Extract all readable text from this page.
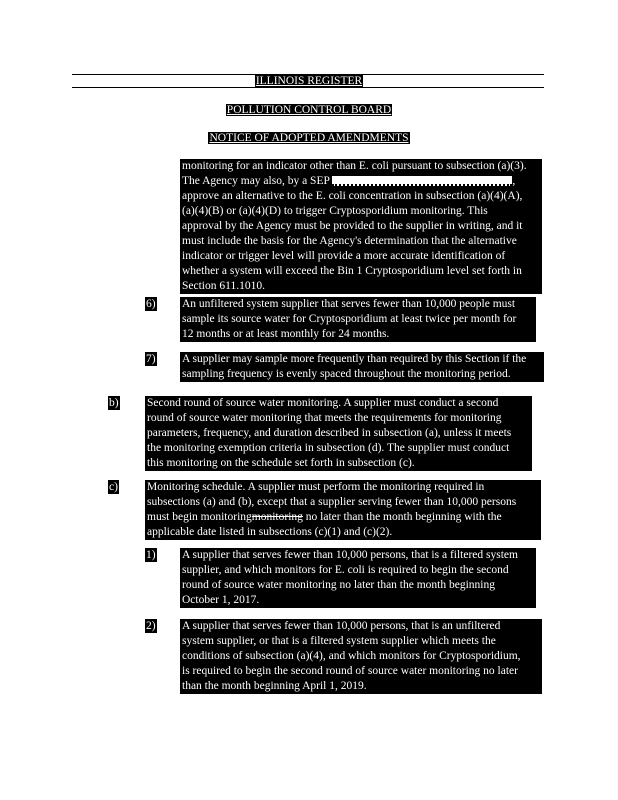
ILLINOIS REGISTER
POLLUTION CONTROL BOARD
NOTICE OF ADOPTED AMENDMENTS
monitoring for an indicator other than E. coli pursuant to subsection (a)(3).
The Agency may also, by a SEP	,
approve an alternative to the E. coli concentration in subsection (a)(4)(A),
(a)(4)(B) or (a)(4)(D) to trigger Cryptosporidium monitoring. This
approval by the Agency must be provided to the supplier in writing, and it
must include the basis for the Agency's determination that the alternative
indicator or trigger level will provide a more accurate identification of
whether a system will exceed the Bin 1 Cryptosporidium level set forth in
Section 611.1010.
6) An unfiltered system supplier that serves fewer than 10,000 people must
sample its source water for Cryptosporidium at least twice per month for
12 months or at least monthly for 24 months.
7) A supplier may sample more frequently than required by this Section if the
sampling frequency is evenly spaced throughout the monitoring period.
b) Second round of source water monitoring. A supplier must conduct a second
round of source water monitoring that meets the requirements for monitoring
parameters, frequency, and duration described in subsection (a), unless it meets
the monitoring exemption criteria in subsection (d). The supplier must conduct
this monitoring on the schedule set forth in subsection (c).
c)	Monitoring schedule. A supplier must perform the monitoring required in
subsections (a) and (b), except that a supplier serving fewer than 10,000 persons
must begin monitoringmonitoring no later than the month beginning with the
applicable date listed in subsections (c)(1) and (c)(2).
1) A supplier that serves fewer than 10,000 persons, that is a filtered system
supplier, and which monitors for E. coli is required to begin the second
round of source water monitoring no later than the month beginning
October 1, 2017.
2) A supplier that serves fewer than 10,000 persons, that is an unfiltered
system supplier, or that is a filtered system supplier which meets the
conditions of subsection (a)(4), and which monitors for Cryptosporidium,
is required to begin the second round of source water monitoring no later
than the month beginning April 1, 2019.
